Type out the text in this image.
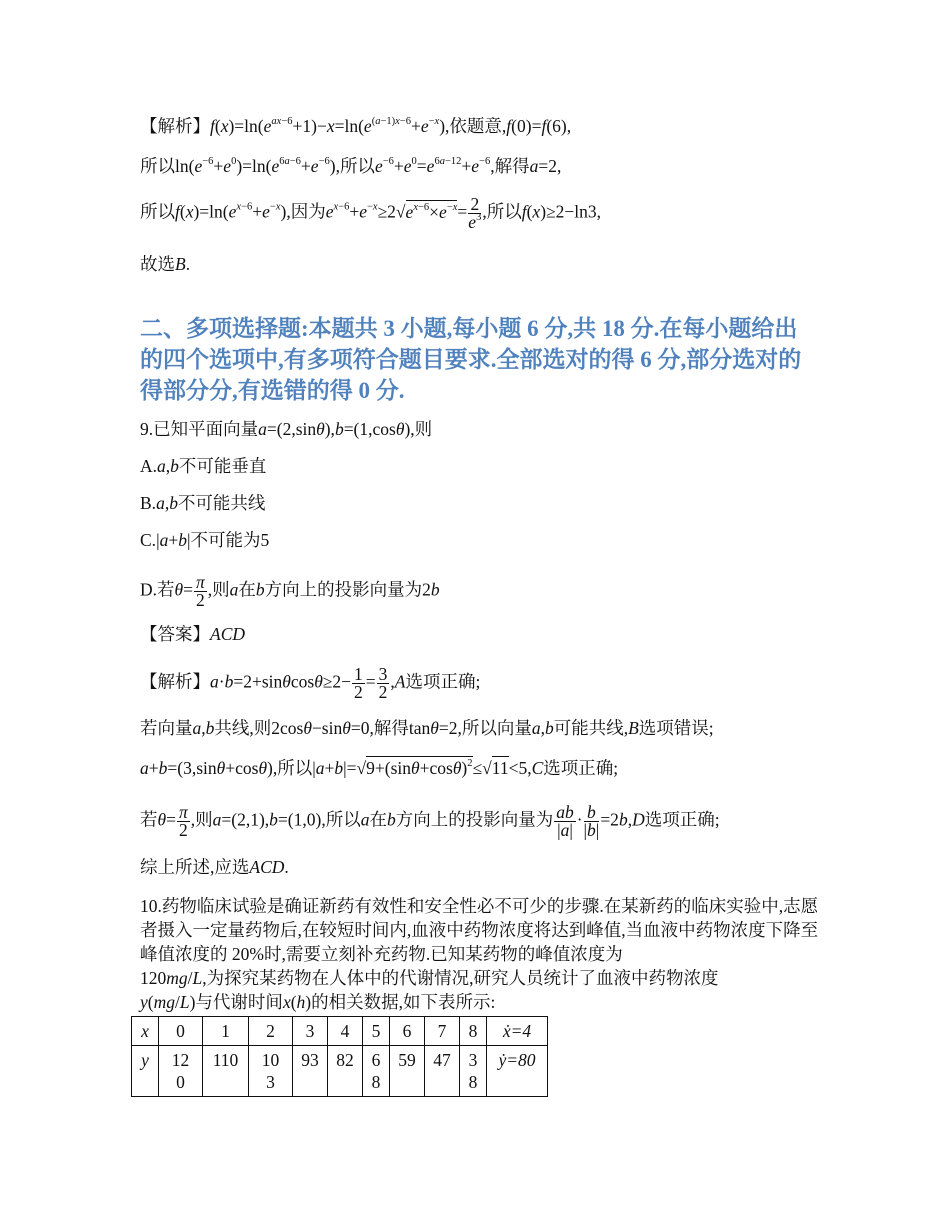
【解析】$f(x)=\ln(e^{ax-6}+1)-x=\ln(e^{(a-1)x-6}+e^{-x})$,依题意,f(0)=f(6),
所以$\ln(e^{-6}+e^0)=\ln(e^{6a-6}+e^{-6})$,所以$e^{-6}+e^0=e^{6a-12}+e^{-6}$,解得a=2,
所以$f(x)=\ln(e^{x-6}+e^{-x})$,因为$e^{x-6}+e^{-x}\ge 2√e^{x-6}\times e^{-x}= \frac{2}{e^3}$ ,所以f(x)≥2−ln3,
故选B.
二、多项选择题:本题共 3 小题,每小题 6 分,共 18 分.在每小题给出的四个选项中,有多项符合题目要求.全部选对的得 6 分,部分选对的得部分分,有选错的得 0 分.
9.已知平面向量a=(2,sinθ),b=(1,cosθ),则
A.a,b不可能垂直
B.a,b不可能共线
C.|a+b|不可能为5
D.若$\theta= \frac{\pi}{2}$ ,则a在b方向上的投影向量为2b
【答案】ACD
【解析】$a\cdot b=2+\sin\theta\cos\theta\ge 2- \frac{1}{2} = \frac{3}{2} ,A$选项正确;
若向量a,b共线,则2cosθ−sinθ=0,解得tanθ=2,所以向量a,b可能共线,B选项错误;
a+b=(3,sinθ+cosθ),所以$|a+b|=√9+(\sin\theta+\cos\theta)^2\le√11<5,C$选项正确;
若$\theta= \frac{\pi}{2}$ ,则a=(2,1),b=(1,0),所以a在b方向上的投影向量为 $\frac{ab}{|a|} \cdot \frac{b}{|b|} =2b,D$选项正确;
综上所述,应选ACD.
10.药物临床试验是确证新药有效性和安全性必不可少的步骤.在某新药的临床实验中,志愿者摄入一定量药物后,在较短时间内,血液中药物浓度将达到峰值,当血液中药物浓度下降至峰值浓度的 20%时,需要立刻补充药物.已知某药物的峰值浓度为
120mg/L,为探究某药物在人体中的代谢情况,研究人员统计了血液中药物浓度
y(mg/L)与代谢时间x(h)的相关数据,如下表所示:
x	0	1	2	3	4	5	6	7	8	ẋ=4
y	120	110	103	93	82	68	59	47	38	ẏ=80
